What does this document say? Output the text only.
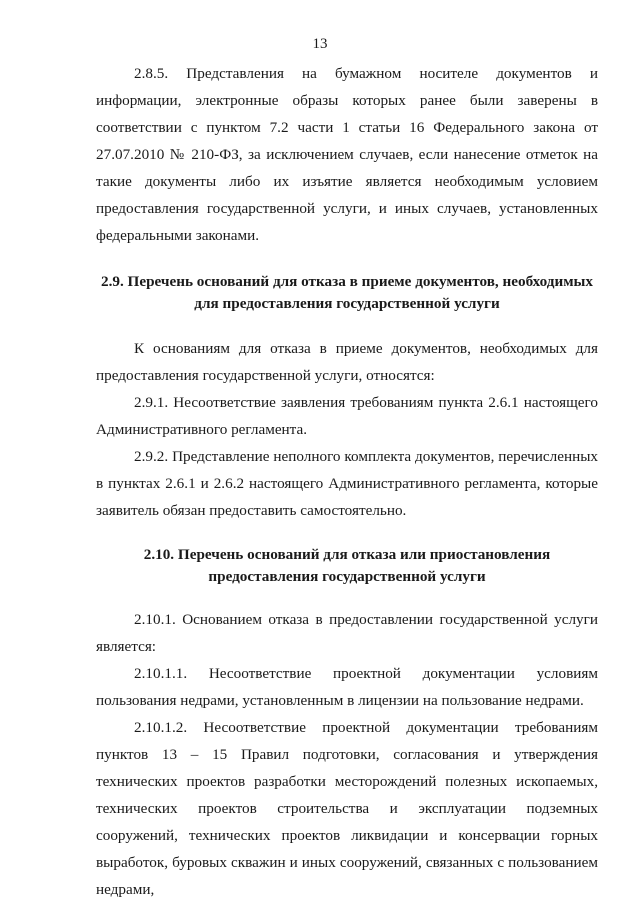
13

2.8.5. Представления на бумажном носителе документов и информации, электронные образы которых ранее были заверены в соответствии с пунктом 7.2 части 1 статьи 16 Федерального закона от 27.07.2010 № 210-ФЗ, за исключением случаев, если нанесение отметок на такие документы либо их изъятие является необходимым условием предоставления государственной услуги, и иных случаев, установленных федеральными законами.

2.9. Перечень оснований для отказа в приеме документов, необходимых для предоставления государственной услуги

К основаниям для отказа в приеме документов, необходимых для предоставления государственной услуги, относятся:

2.9.1. Несоответствие заявления требованиям пункта 2.6.1 настоящего Административного регламента.

2.9.2. Представление неполного комплекта документов, перечисленных в пунктах 2.6.1 и 2.6.2 настоящего Административного регламента, которые заявитель обязан предоставить самостоятельно.

2.10. Перечень оснований для отказа или приостановления предоставления государственной услуги

2.10.1. Основанием отказа в предоставлении государственной услуги является:

2.10.1.1. Несоответствие проектной документации условиям пользования недрами, установленным в лицензии на пользование недрами.

2.10.1.2. Несоответствие проектной документации требованиям пунктов 13 – 15 Правил подготовки, согласования и утверждения технических проектов разработки месторождений полезных ископаемых, технических проектов строительства и эксплуатации подземных сооружений, технических проектов ликвидации и консервации горных выработок, буровых скважин и иных сооружений, связанных с пользованием недрами,
